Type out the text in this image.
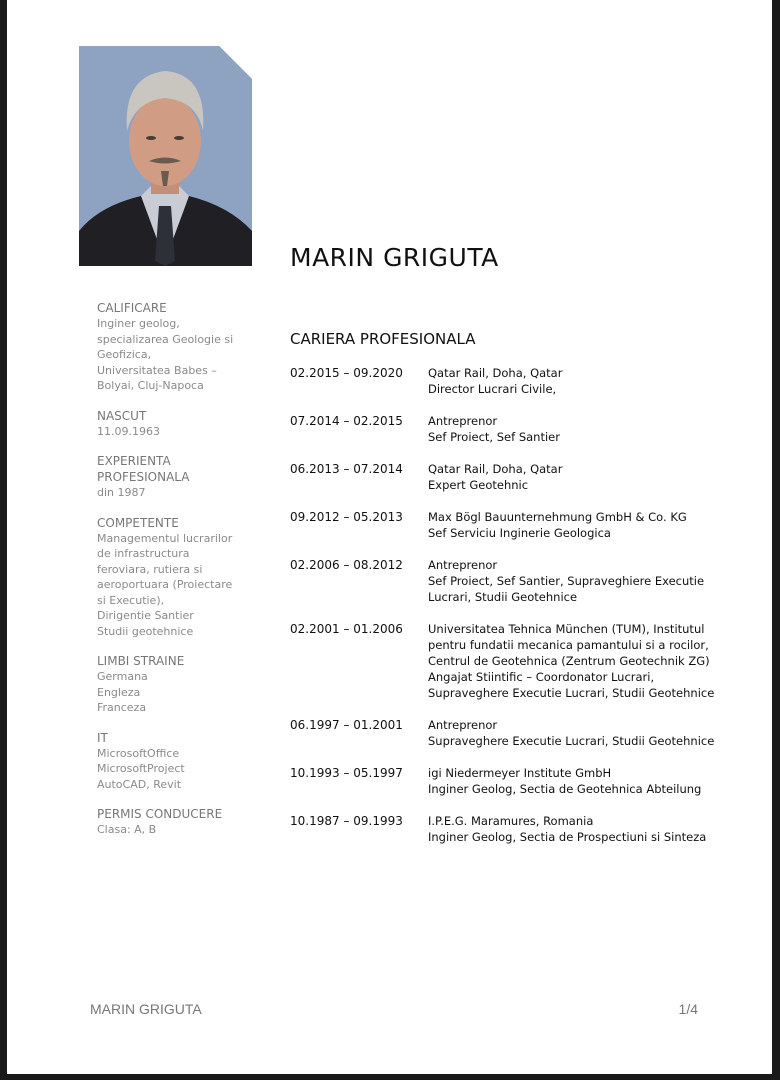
MARIN GRIGUTA
CALIFICARE
Inginer geolog,
specializarea Geologie si
Geofizica,
Universitatea Babes –
Bolyai, Cluj-Napoca
NASCUT
11.09.1963
EXPERIENTA PROFESIONALA
din 1987
COMPETENTE
Managementul lucrarilor
de infrastructura
feroviara, rutiera si
aeroportuara (Proiectare
si Executie),
Dirigentie Santier
Studii geotehnice
LIMBI STRAINE
Germana
Engleza
Franceza
IT
MicrosoftOffice
MicrosoftProject
AutoCAD, Revit
PERMIS CONDUCERE
Clasa: A, B
CARIERA PROFESIONALA
02.2015 – 09.2020	Qatar Rail, Doha, Qatar
Director Lucrari Civile,
07.2014 – 02.2015	Antreprenor
Sef Proiect, Sef Santier
06.2013 – 07.2014	Qatar Rail, Doha, Qatar
Expert Geotehnic
09.2012 – 05.2013	Max Bögl Bauunternehmung GmbH & Co. KG
Sef Serviciu Inginerie Geologica
02.2006 – 08.2012	Antreprenor
Sef Proiect, Sef Santier, Supraveghiere Executie
Lucrari, Studii Geotehnice
02.2001 – 01.2006	Universitatea Tehnica München (TUM), Institutul
pentru fundatii mecanica pamantului si a rocilor,
Centrul de Geotehnica (Zentrum Geotechnik ZG)
Angajat Stiintific – Coordonator Lucrari,
Supraveghere Executie Lucrari, Studii Geotehnice
06.1997 – 01.2001	Antreprenor
Supraveghere Executie Lucrari, Studii Geotehnice
10.1993 – 05.1997	igi Niedermeyer Institute GmbH
Inginer Geolog, Sectia de Geotehnica Abteilung
10.1987 – 09.1993	I.P.E.G. Maramures, Romania
Inginer Geolog, Sectia de Prospectiuni si Sinteza
MARIN GRIGUTA	1/4
